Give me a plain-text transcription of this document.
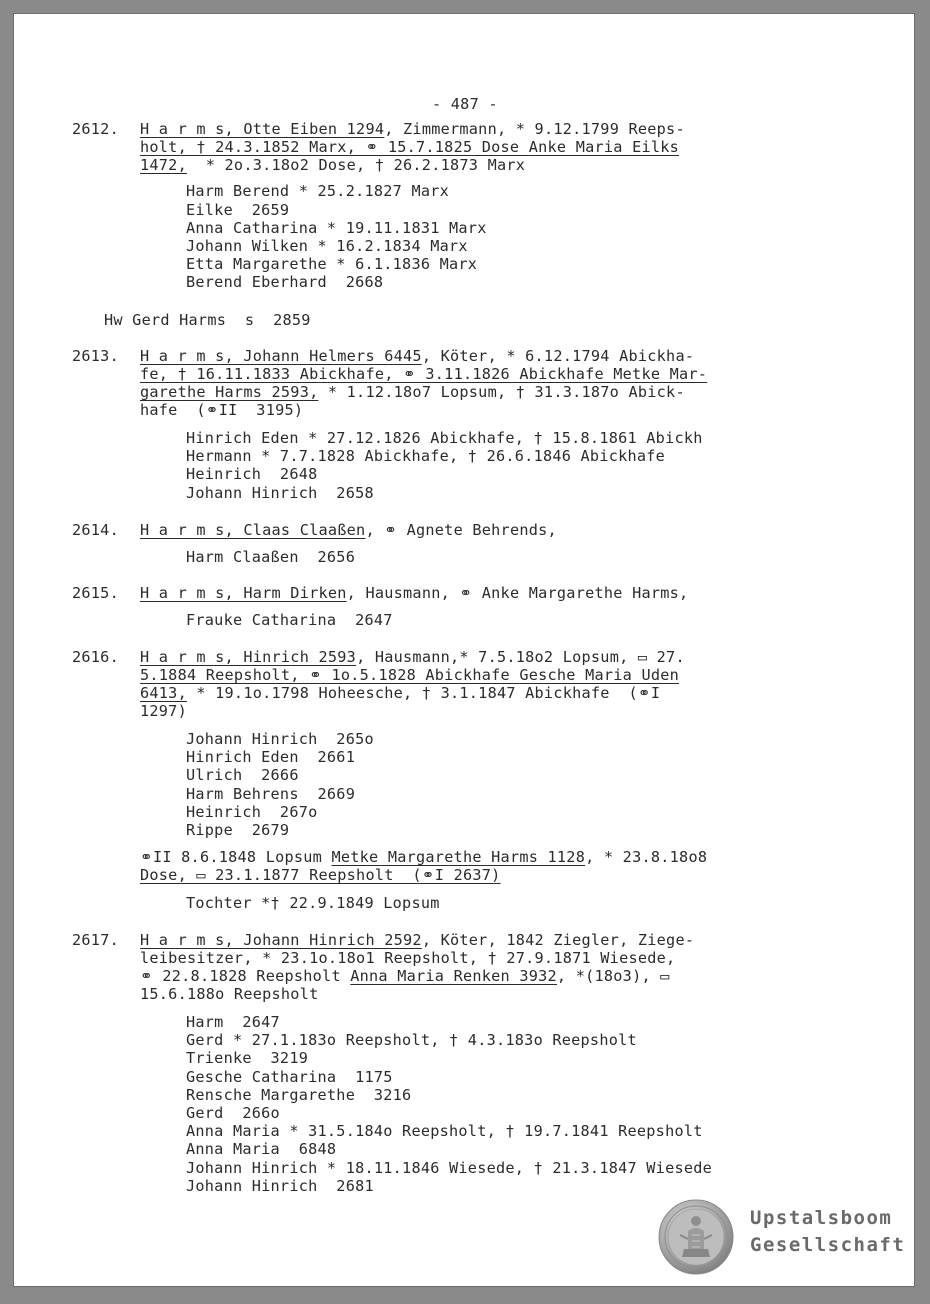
- 487 -
2612. H a r m s, Otte Eiben 1294, Zimmermann, * 9.12.1799 Reeps-
holt, † 24.3.1852 Marx, ⚭ 15.7.1825 Dose Anke Maria Eilks
1472,  * 2o.3.18o2 Dose, † 26.2.1873 Marx
Harm Berend * 25.2.1827 Marx
Eilke  2659
Anna Catharina * 19.11.1831 Marx
Johann Wilken * 16.2.1834 Marx
Etta Margarethe * 6.1.1836 Marx
Berend Eberhard  2668
Hw Gerd Harms  s  2859
2613. H a r m s, Johann Helmers 6445, Köter, * 6.12.1794 Abickha-
fe, † 16.11.1833 Abickhafe, ⚭ 3.11.1826 Abickhafe Metke Mar-
garethe Harms 2593, * 1.12.18o7 Lopsum, † 31.3.187o Abick-
hafe  (⚭II  3195)
Hinrich Eden * 27.12.1826 Abickhafe, † 15.8.1861 Abickh
Hermann * 7.7.1828 Abickhafe, † 26.6.1846 Abickhafe
Heinrich  2648
Johann Hinrich  2658
2614. H a r m s, Claas Claaßen, ⚭ Agnete Behrends,
Harm Claaßen  2656
2615. H a r m s, Harm Dirken, Hausmann, ⚭ Anke Margarethe Harms,
Frauke Catharina  2647
2616. H a r m s, Hinrich 2593, Hausmann,* 7.5.18o2 Lopsum, ▭ 27.
5.1884 Reepsholt, ⚭ 1o.5.1828 Abickhafe Gesche Maria Uden
6413, * 19.1o.1798 Hoheesche, † 3.1.1847 Abickhafe  (⚭I
1297)
Johann Hinrich  265o
Hinrich Eden  2661
Ulrich  2666
Harm Behrens  2669
Heinrich  267o
Rippe  2679
⚭II 8.6.1848 Lopsum Metke Margarethe Harms 1128, * 23.8.18o8
Dose, ▭ 23.1.1877 Reepsholt  (⚭I 2637)
Tochter *† 22.9.1849 Lopsum
2617. H a r m s, Johann Hinrich 2592, Köter, 1842 Ziegler, Ziege-
leibesitzer, * 23.1o.18o1 Reepsholt, † 27.9.1871 Wiesede,
⚭ 22.8.1828 Reepsholt Anna Maria Renken 3932, *(18o3), ▭
15.6.188o Reepsholt
Harm  2647
Gerd * 27.1.183o Reepsholt, † 4.3.183o Reepsholt
Trienke  3219
Gesche Catharina  1175
Rensche Margarethe  3216
Gerd  266o
Anna Maria * 31.5.184o Reepsholt, † 19.7.1841 Reepsholt
Anna Maria  6848
Johann Hinrich * 18.11.1846 Wiesede, † 21.3.1847 Wiesede
Johann Hinrich  2681
Upstalsboom
Gesellschaft
